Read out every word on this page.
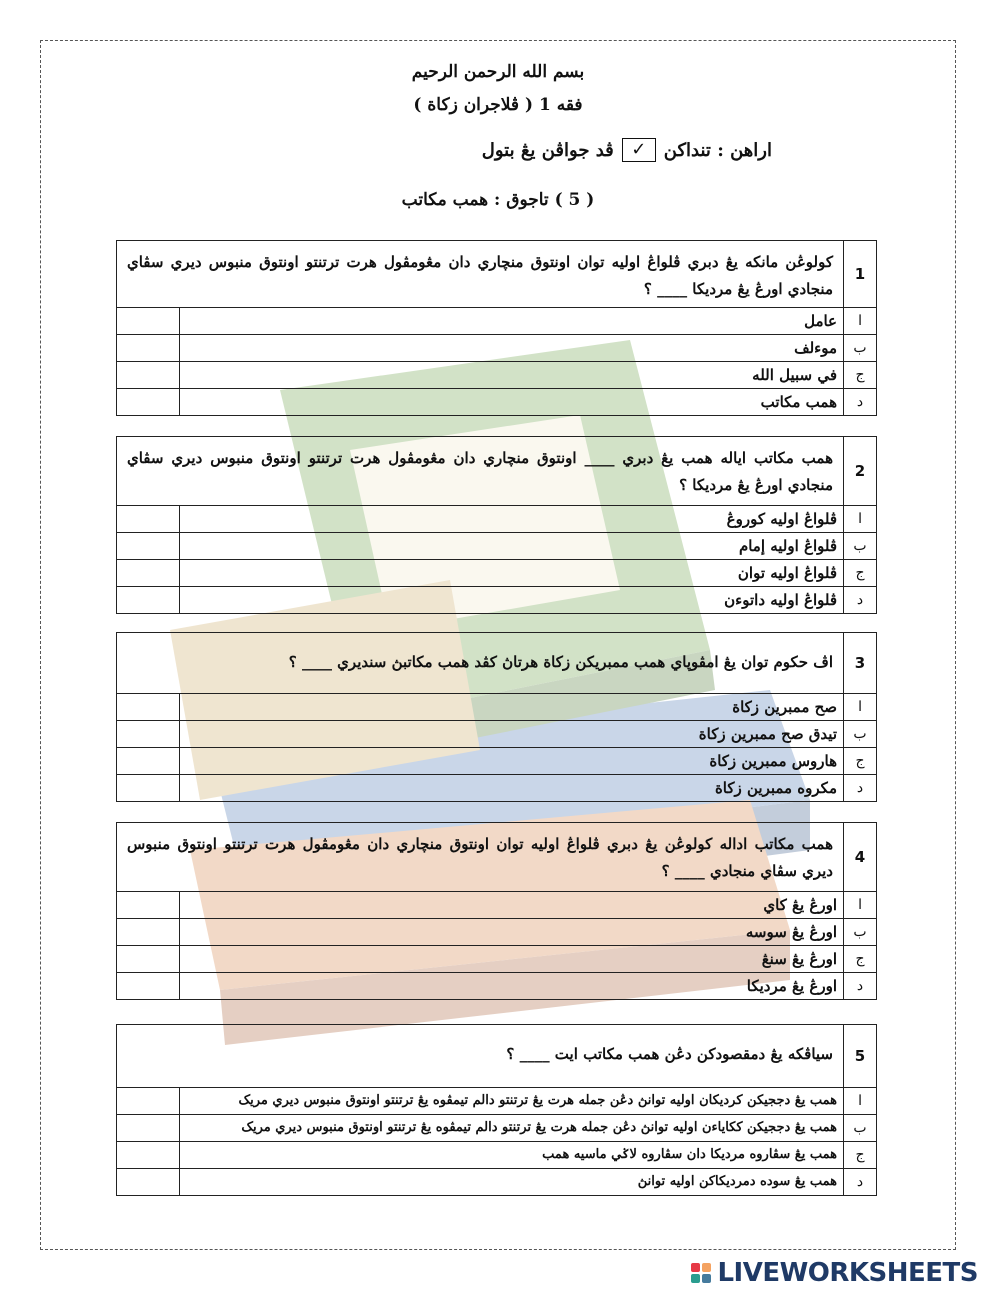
بسم الله الرحمن الرحيم
فقه 1 ( ڤلاجران زكاة )
اراهن : تنداکن
✓
ڤد جواڤن يڠ بتول
( 5 ) تاجوق : همب مکاتب
1
کولوڠن مانکه يڠ دبري ڤلواڠ اوليه توان اونتوق منچاري دان مڠومڤول هرت ترتنتو اونتوق منبوس ديري سڤاي منجادي اورڠ يڠ مرديکا ____ ؟
ا
عامل
ب
موءلف
ج
في سبيل الله
د
همب مکاتب
2
همب مکاتب اياله همب يڠ دبري ____ اونتوق منچاري دان مڠومڤول هرت ترتنتو اونتوق منبوس ديري سڤاي منجادي اورڠ يڠ مرديکا ؟
ا
ڤلواڠ اوليه کوروڠ
ب
ڤلواڠ اوليه إمام
ج
ڤلواڠ اوليه توان
د
ڤلواڠ اوليه داتوءن
3
اڤ حکوم توان يڠ امڤوڽاي همب ممبريکن زکاة هرتاڽ کڤد همب مکاتبڽ سنديري ____ ؟
ا
صح ممبرين زکاة
ب
تيدق صح ممبرين زکاة
ج
هاروس ممبرين زکاة
د
مکروه ممبرين زکاة
4
همب مکاتب اداله کولوڠن يڠ دبري ڤلواڠ اوليه توان اونتوق منچاري دان مڠومڤول هرت ترتنتو اونتوق منبوس ديري سڤاي منجادي ____ ؟
ا
اورڠ يڠ کاي
ب
اورڠ يڠ سوسه
ج
اورڠ يڠ سنڠ
د
اورڠ يڠ مرديکا
5
سياڤکه يڠ دمقصودکن دڠن همب مکاتب ايت ____ ؟
ا
همب يڠ دججيکن کرديکان اوليه توانڽ دڠن جمله هرت يڠ ترتنتو دالم تيمڤوه يڠ ترتنتو اونتوق منبوس ديري مريک
ب
همب يڠ دججيکن ککاياءن اوليه توانڽ دڠن جمله هرت يڠ ترتنتو دالم تيمڤوه يڠ ترتنتو اونتوق منبوس ديري مريک
ج
همب يڠ سڤاروه مرديکا دان سڤاروه لاݢي ماسيه همب
د
همب يڠ سوده دمرديکاکن اوليه توانڽ
LIVEWORKSHEETS
